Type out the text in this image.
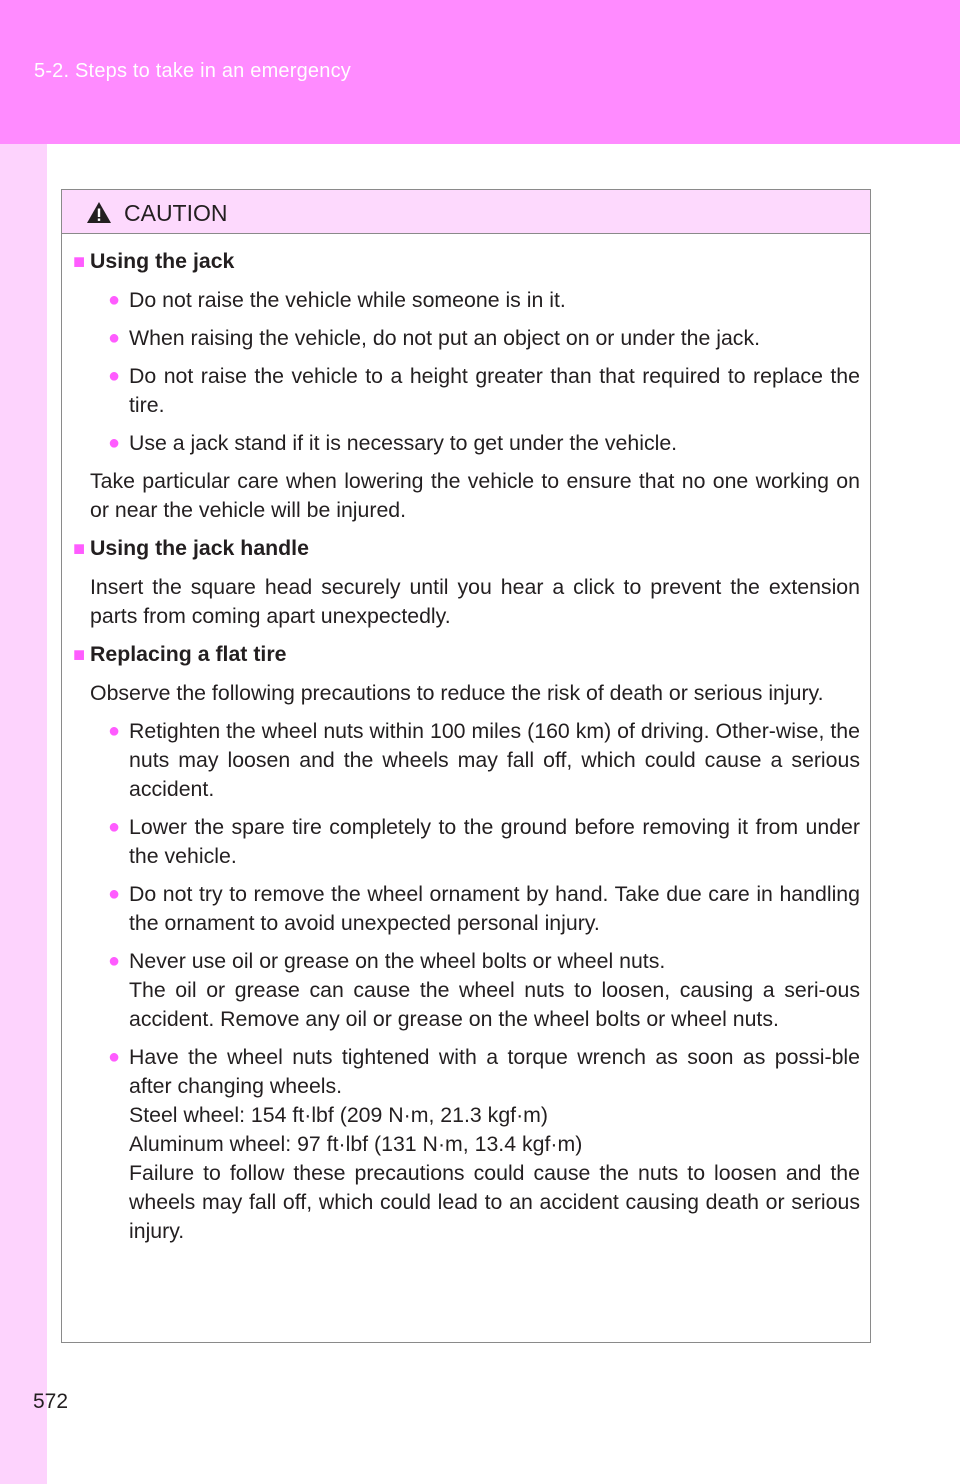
5-2. Steps to take in an emergency
CAUTION
■ Using the jack
● Do not raise the vehicle while someone is in it.
● When raising the vehicle, do not put an object on or under the jack.
● Do not raise the vehicle to a height greater than that required to replace the tire.
● Use a jack stand if it is necessary to get under the vehicle.
Take particular care when lowering the vehicle to ensure that no one working on or near the vehicle will be injured.
■ Using the jack handle
Insert the square head securely until you hear a click to prevent the extension parts from coming apart unexpectedly.
■ Replacing a flat tire
Observe the following precautions to reduce the risk of death or serious injury.
● Retighten the wheel nuts within 100 miles (160 km) of driving. Other-wise, the nuts may loosen and the wheels may fall off, which could cause a serious accident.
● Lower the spare tire completely to the ground before removing it from under the vehicle.
● Do not try to remove the wheel ornament by hand. Take due care in handling the ornament to avoid unexpected personal injury.
● Never use oil or grease on the wheel bolts or wheel nuts.
The oil or grease can cause the wheel nuts to loosen, causing a seri-ous accident. Remove any oil or grease on the wheel bolts or wheel nuts.
● Have the wheel nuts tightened with a torque wrench as soon as possi-ble after changing wheels.
Steel wheel: 154 ft·lbf (209 N·m, 21.3 kgf·m)
Aluminum wheel: 97 ft·lbf (131 N·m, 13.4 kgf·m)
Failure to follow these precautions could cause the nuts to loosen and the wheels may fall off, which could lead to an accident causing death or serious injury.
572
